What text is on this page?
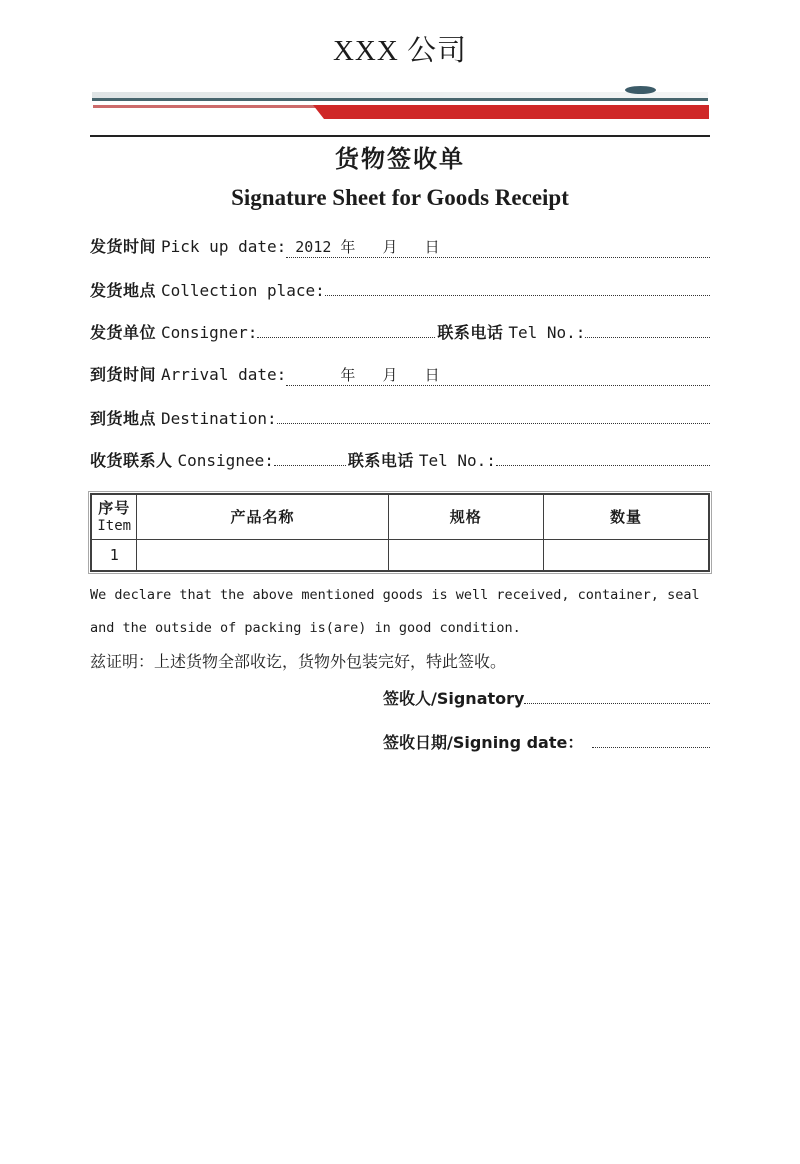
XXX 公司
货物签收单
Signature Sheet for Goods Receipt
发货时间 Pick up date: 2012 年   月   日
发货地点 Collection place:
发货单位 Consigner:	联系电话 Tel No.:
到货时间 Arrival date: 年   月   日
到货地点 Destination:
收货联系人 Consignee:	联系电话 Tel No.:
序号
Item	产品名称	规格	数量
1			
We declare that the above mentioned goods is well received, container, seal
and the outside of packing is(are) in good condition.
兹证明：上述货物全部收讫，货物外包装完好，特此签收。
签收人/Signatory
签收日期/Signing date：
